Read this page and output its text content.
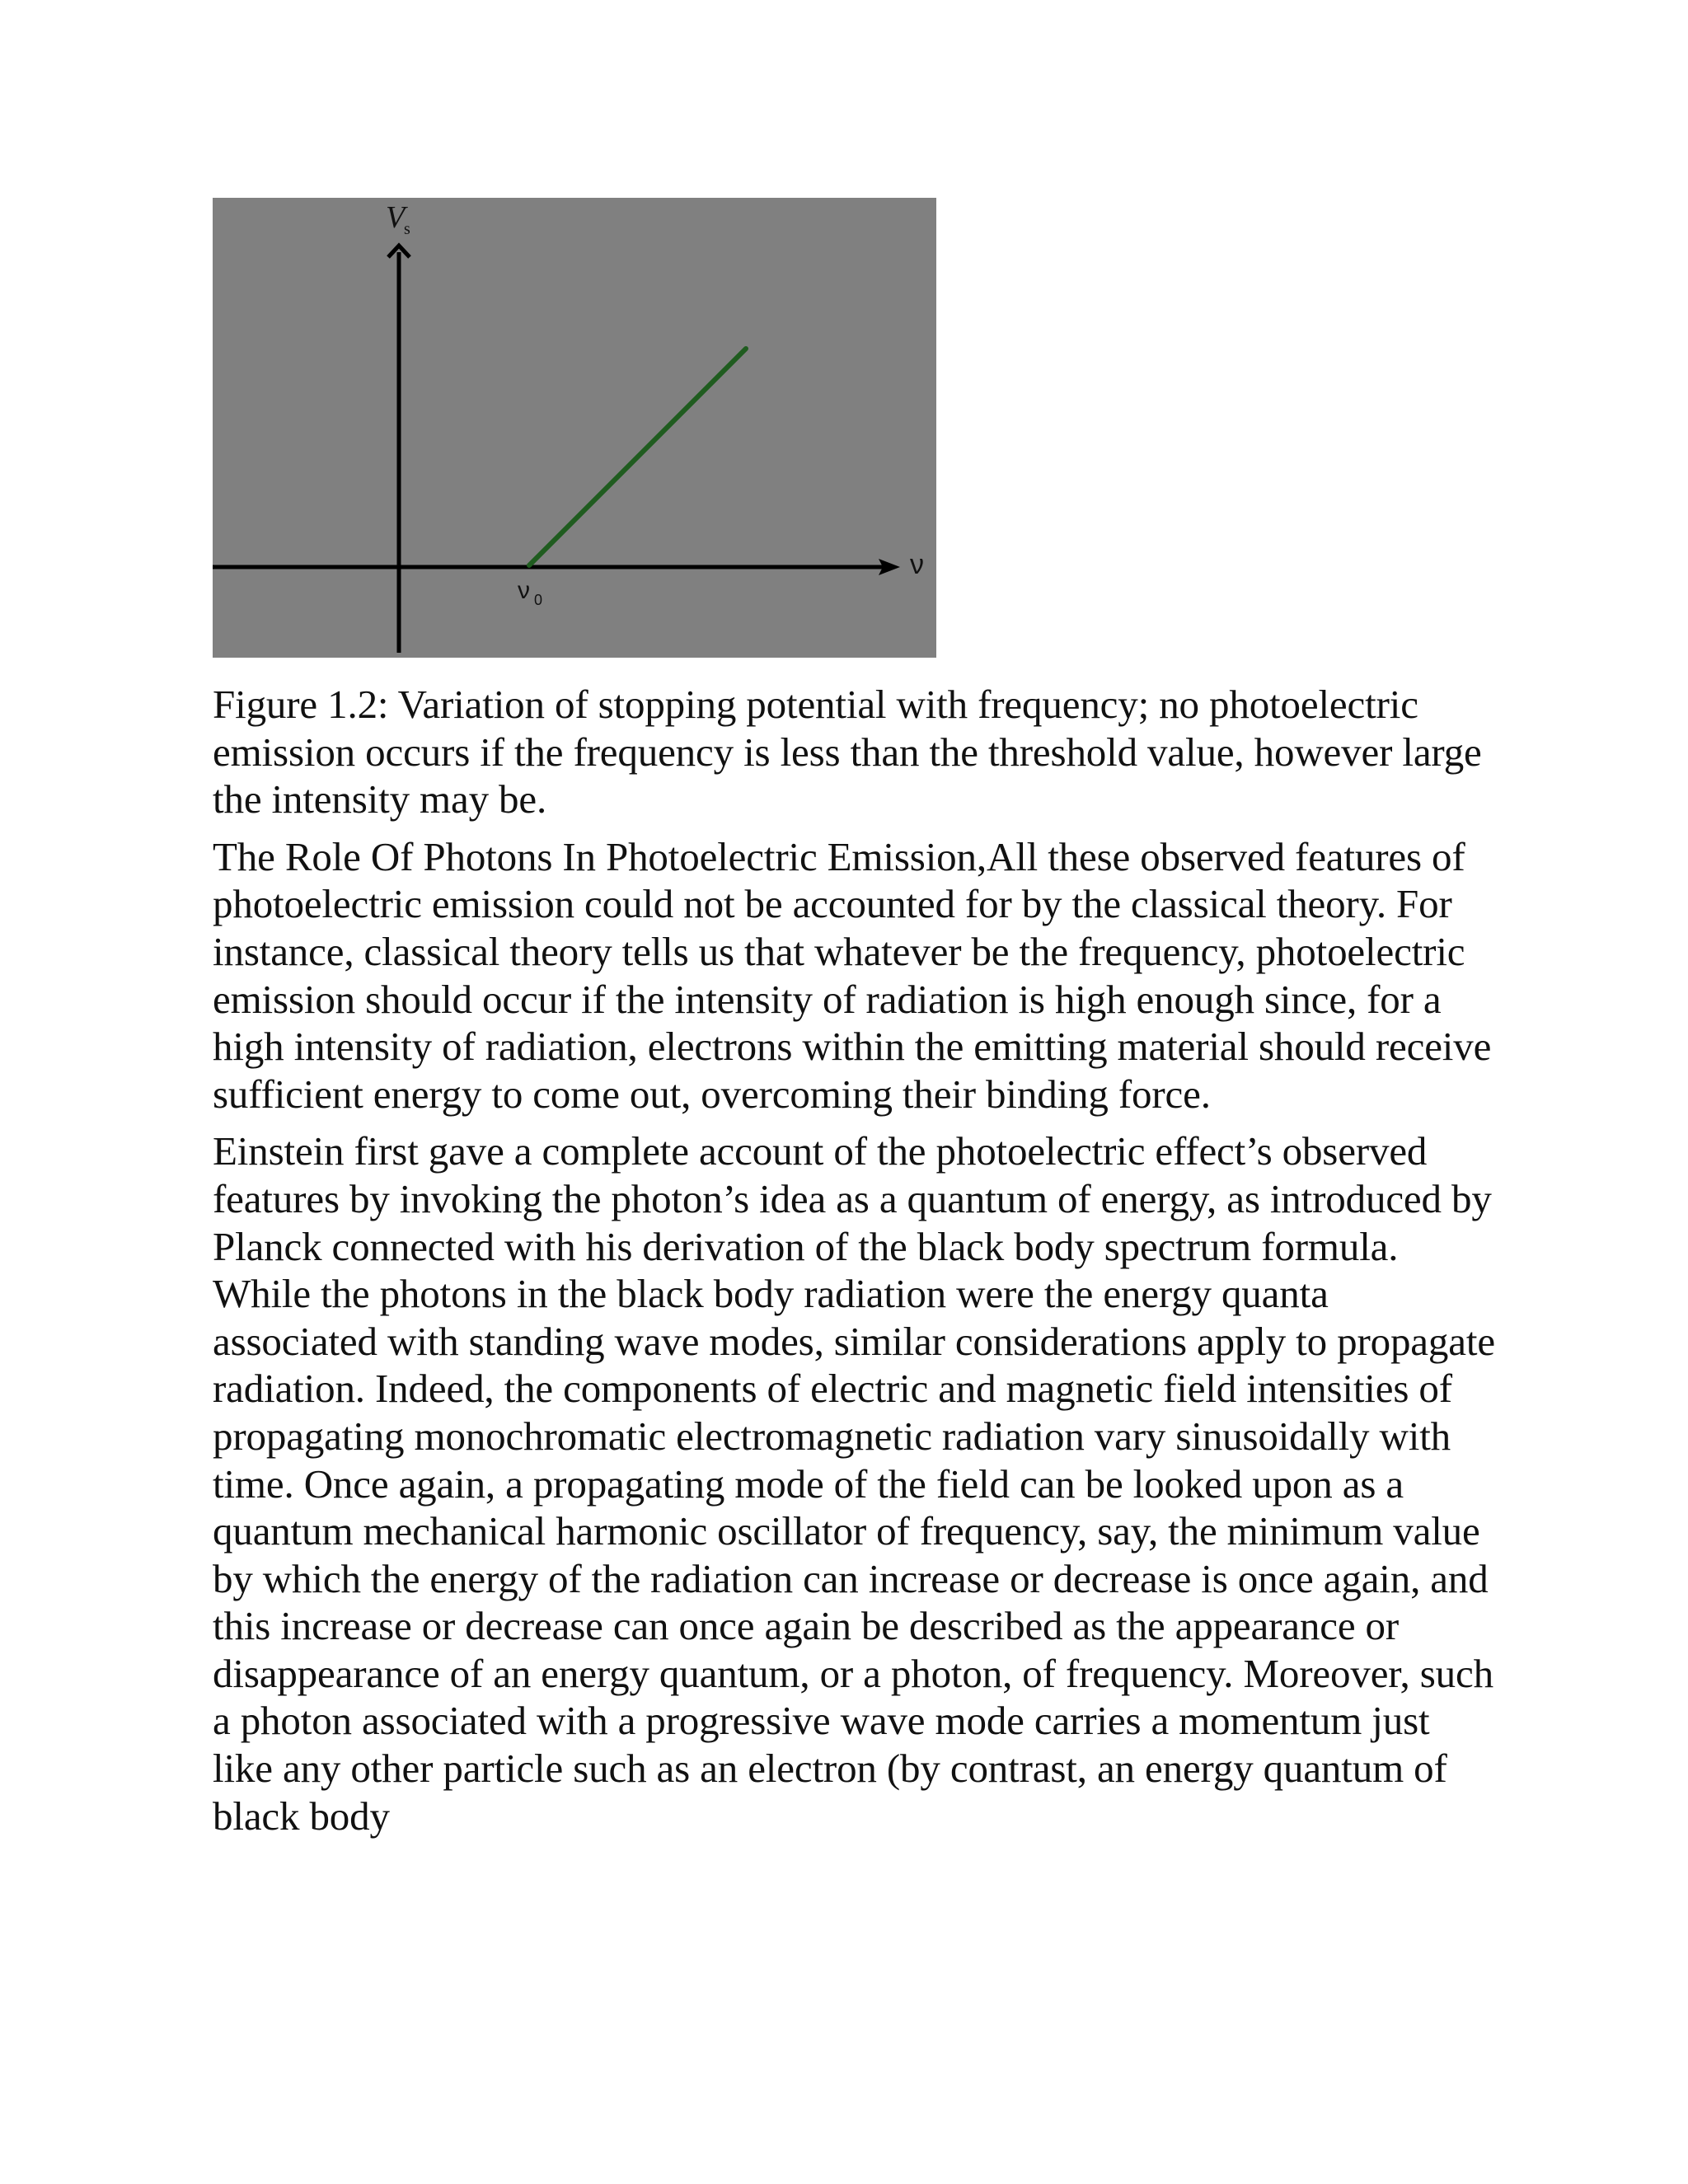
V
s
ν
ν 0

Figure 1.2: Variation of stopping potential with frequency; no photoelectric emission occurs if the frequency is less than the threshold value, however large the intensity may be.

The Role Of Photons In Photoelectric Emission,All these observed features of photoelectric emission could not be accounted for by the classical theory. For instance, classical theory tells us that whatever be the frequency, photoelectric emission should occur if the intensity of radiation is high enough since, for a high intensity of radiation, electrons within the emitting material should receive sufficient energy to come out, overcoming their binding force.

Einstein first gave a complete account of the photoelectric effect’s observed features by invoking the photon’s idea as a quantum of energy, as introduced by Planck connected with his derivation of the black body spectrum formula. While the photons in the black body radiation were the energy quanta associated with standing wave modes, similar considerations apply to propagate radiation. Indeed, the components of electric and magnetic field intensities of propagating monochromatic electromagnetic radiation vary sinusoidally with time. Once again, a propagating mode of the field can be looked upon as a quantum mechanical harmonic oscillator of frequency, say, the minimum value by which the energy of the radiation can increase or decrease is once again, and this increase or decrease can once again be described as the appearance or disappearance of an energy quantum, or a photon, of frequency. Moreover, such a photon associated with a progressive wave mode carries a momentum just like any other particle such as an electron (by contrast, an energy quantum of black body
